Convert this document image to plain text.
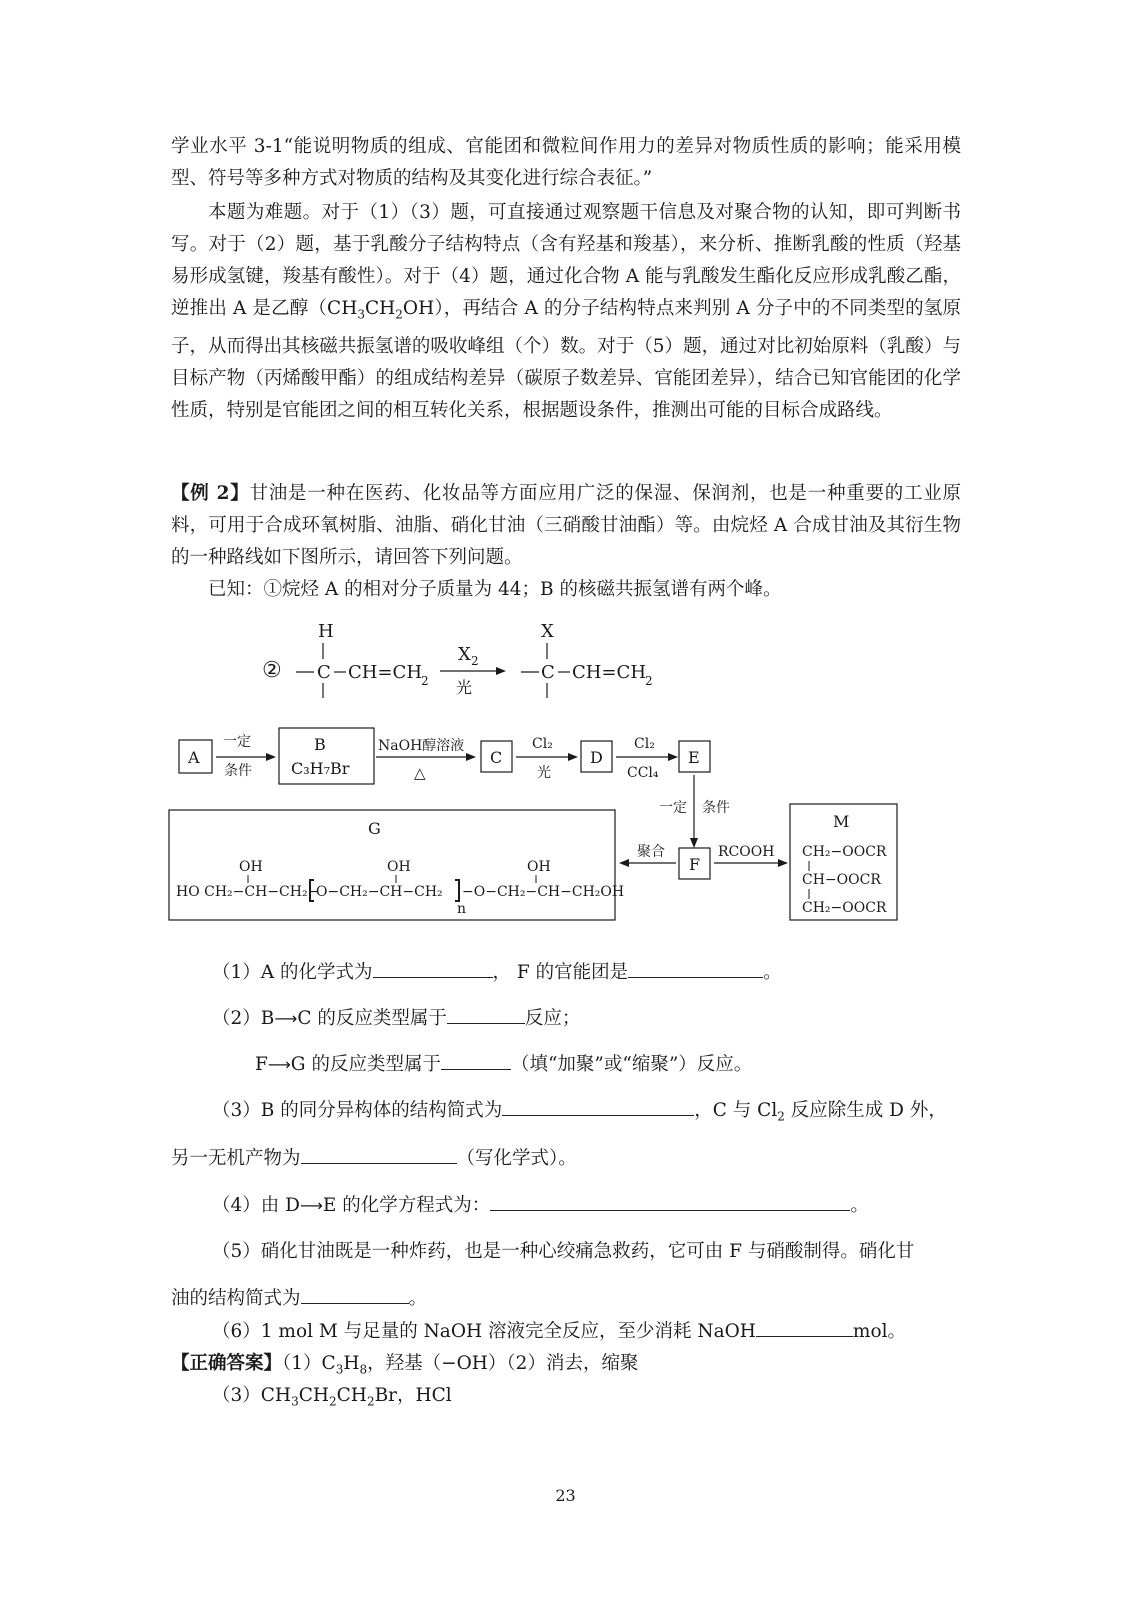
学业水平 3-1“能说明物质的组成、官能团和微粒间作用力的差异对物质性质的影响；能采用模型、符号等多种方式对物质的结构及其变化进行综合表征。”

本题为难题。对于（1）（3）题，可直接通过观察题干信息及对聚合物的认知，即可判断书写。对于（2）题，基于乳酸分子结构特点（含有羟基和羧基），来分析、推断乳酸的性质（羟基易形成氢键，羧基有酸性）。对于（4）题，通过化合物 A 能与乳酸发生酯化反应形成乳酸乙酯，逆推出 A 是乙醇$(CH_3CH_2OH)$，再结合 A 的分子结构特点来判别 A 分子中的不同类型的氢原子，从而得出其核磁共振氢谱的吸收峰组（个）数。对于（5）题，通过对比初始原料（乳酸）与目标产物（丙烯酸甲酯）的组成结构差异（碳原子数差异、官能团差异），结合已知官能团的化学性质，特别是官能团之间的相互转化关系，根据题设条件，推测出可能的目标合成路线。

【例 2】甘油是一种在医药、化妆品等方面应用广泛的保湿、保润剂，也是一种重要的工业原料，可用于合成环氧树脂、油脂、硝化甘油（三硝酸甘油酯）等。由烷烃 A 合成甘油及其衍生物的一种路线如下图所示，请回答下列问题。

已知：①烷烃 A 的相对分子质量为 44；B 的核磁共振氢谱有两个峰。

②
H
C CH=CH
2
X 2
光
X
C CH=CH
2
A
一定
条件
B
C₃H₇Br
NaOH醇溶液
△
C
Cl₂
光
D
Cl₂
CCl₄
E
一定 条件
F
聚合	RCOOH
G
OH	OH	OH
HO CH₂−CH−CH₂−
O−CH₂−CH−CH₂
n
−O−CH₂−CH−CH₂OH
M
CH₂−OOCR
CH−OOCR
CH₂−OOCR
（1）A 的化学式为	， F 的官能团是	。
（2）B⟶C 的反应类型属于	反应；
F⟶G 的反应类型属于	（填“加聚”或“缩聚”）反应。
（3）B 的同分异构体的结构简式为	，C 与 $Cl_2$ 反应除生成 D 外，
另一无机产物为	（写化学式）。
（4）由 D⟶E 的化学方程式为：	。
（5）硝化甘油既是一种炸药，也是一种心绞痛急救药，它可由 F 与硝酸制得。硝化甘
油的结构简式为	。
（6）1 mol M 与足量的 NaOH 溶液完全反应，至少消耗 NaOH	mol。
【正确答案】$(1)C_3H_8$，羟基（−OH）（2）消去，缩聚
$(3)CH_3CH_2CH_2Br$，HCl
23
